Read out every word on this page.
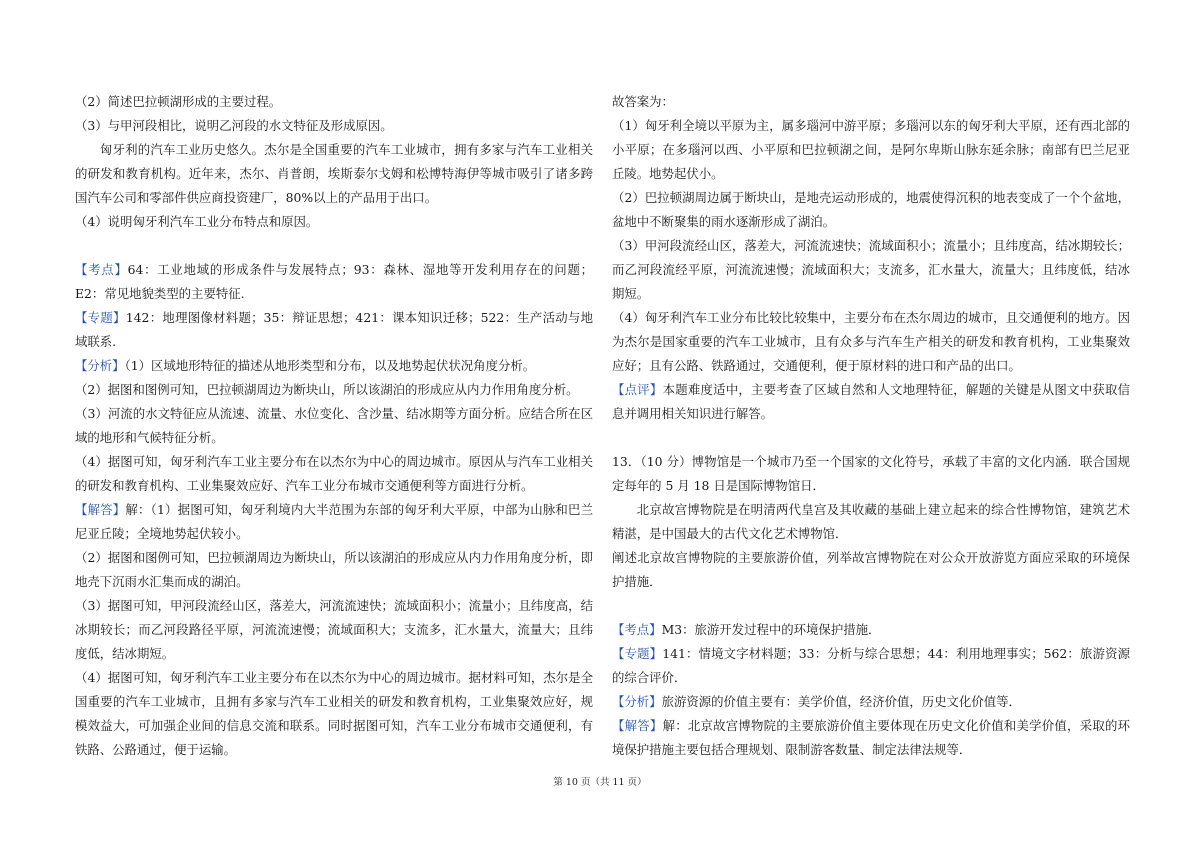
（2）简述巴拉顿湖形成的主要过程。

（3）与甲河段相比，说明乙河段的水文特征及形成原因。

匈牙利的汽车工业历史悠久。杰尔是全国重要的汽车工业城市，拥有多家与汽车工业相关的研发和教育机构。近年来，杰尔、肖普朗，埃斯泰尔戈姆和松博特海伊等城市吸引了诸多跨国汽车公司和零部件供应商投资建厂，80%以上的产品用于出口。

（4）说明匈牙利汽车工业分布特点和原因。

【考点】64：工业地域的形成条件与发展特点；93：森林、湿地等开发利用存在的问题；E2：常见地貌类型的主要特征.

【专题】142：地理图像材料题；35：辩证思想；421：课本知识迁移；522：生产活动与地域联系.

【分析】（1）区域地形特征的描述从地形类型和分布，以及地势起伏状况角度分析。

（2）据图和图例可知，巴拉顿湖周边为断块山，所以该湖泊的形成应从内力作用角度分析。

（3）河流的水文特征应从流速、流量、水位变化、含沙量、结冰期等方面分析。应结合所在区域的地形和气候特征分析。

（4）据图可知，匈牙利汽车工业主要分布在以杰尔为中心的周边城市。原因从与汽车工业相关的研发和教育机构、工业集聚效应好、汽车工业分布城市交通便利等方面进行分析。

【解答】解：（1）据图可知，匈牙利境内大半范围为东部的匈牙利大平原，中部为山脉和巴兰尼亚丘陵；全境地势起伏较小。

（2）据图和图例可知，巴拉顿湖周边为断块山，所以该湖泊的形成应从内力作用角度分析，即地壳下沉雨水汇集而成的湖泊。

（3）据图可知，甲河段流经山区，落差大，河流流速快；流域面积小；流量小；且纬度高，结冰期较长；而乙河段路径平原，河流流速慢；流域面积大；支流多，汇水量大，流量大；且纬度低，结冰期短。

（4）据图可知，匈牙利汽车工业主要分布在以杰尔为中心的周边城市。据材料可知，杰尔是全国重要的汽车工业城市，且拥有多家与汽车工业相关的研发和教育机构，工业集聚效应好，规模效益大，可加强企业间的信息交流和联系。同时据图可知，汽车工业分布城市交通便利，有铁路、公路通过，便于运输。

故答案为：

（1）匈牙利全境以平原为主，属多瑙河中游平原；多瑙河以东的匈牙利大平原，还有西北部的小平原；在多瑙河以西、小平原和巴拉顿湖之间，是阿尔卑斯山脉东延余脉；南部有巴兰尼亚丘陵。地势起伏小。

（2）巴拉顿湖周边属于断块山，是地壳运动形成的，地震使得沉积的地表变成了一个个盆地，盆地中不断聚集的雨水逐渐形成了湖泊。

（3）甲河段流经山区，落差大，河流流速快；流域面积小；流量小；且纬度高，结冰期较长；而乙河段流经平原，河流流速慢；流域面积大；支流多，汇水量大，流量大；且纬度低，结冰期短。

（4）匈牙利汽车工业分布比较比较集中，主要分布在杰尔周边的城市，且交通便利的地方。因为杰尔是国家重要的汽车工业城市，且有众多与汽车生产相关的研发和教育机构，工业集聚效应好；且有公路、铁路通过，交通便利，便于原材料的进口和产品的出口。

【点评】本题难度适中，主要考查了区域自然和人文地理特征，解题的关键是从图文中获取信息并调用相关知识进行解答。

13．（10 分）博物馆是一个城市乃至一个国家的文化符号，承载了丰富的文化内涵．联合国规定每年的 5 月 18 日是国际博物馆日．

北京故宫博物院是在明清两代皇宫及其收藏的基础上建立起来的综合性博物馆，建筑艺术精湛，是中国最大的古代文化艺术博物馆．

阐述北京故宫博物院的主要旅游价值，列举故宫博物院在对公众开放游览方面应采取的环境保护措施．

【考点】M3：旅游开发过程中的环境保护措施．

【专题】141：情境文字材料题；33：分析与综合思想；44：利用地理事实；562：旅游资源的综合评价．

【分析】旅游资源的价值主要有：美学价值，经济价值，历史文化价值等．

【解答】解：北京故宫博物院的主要旅游价值主要体现在历史文化价值和美学价值，采取的环境保护措施主要包括合理规划、限制游客数量、制定法律法规等．

第 10 页（共 11 页）
